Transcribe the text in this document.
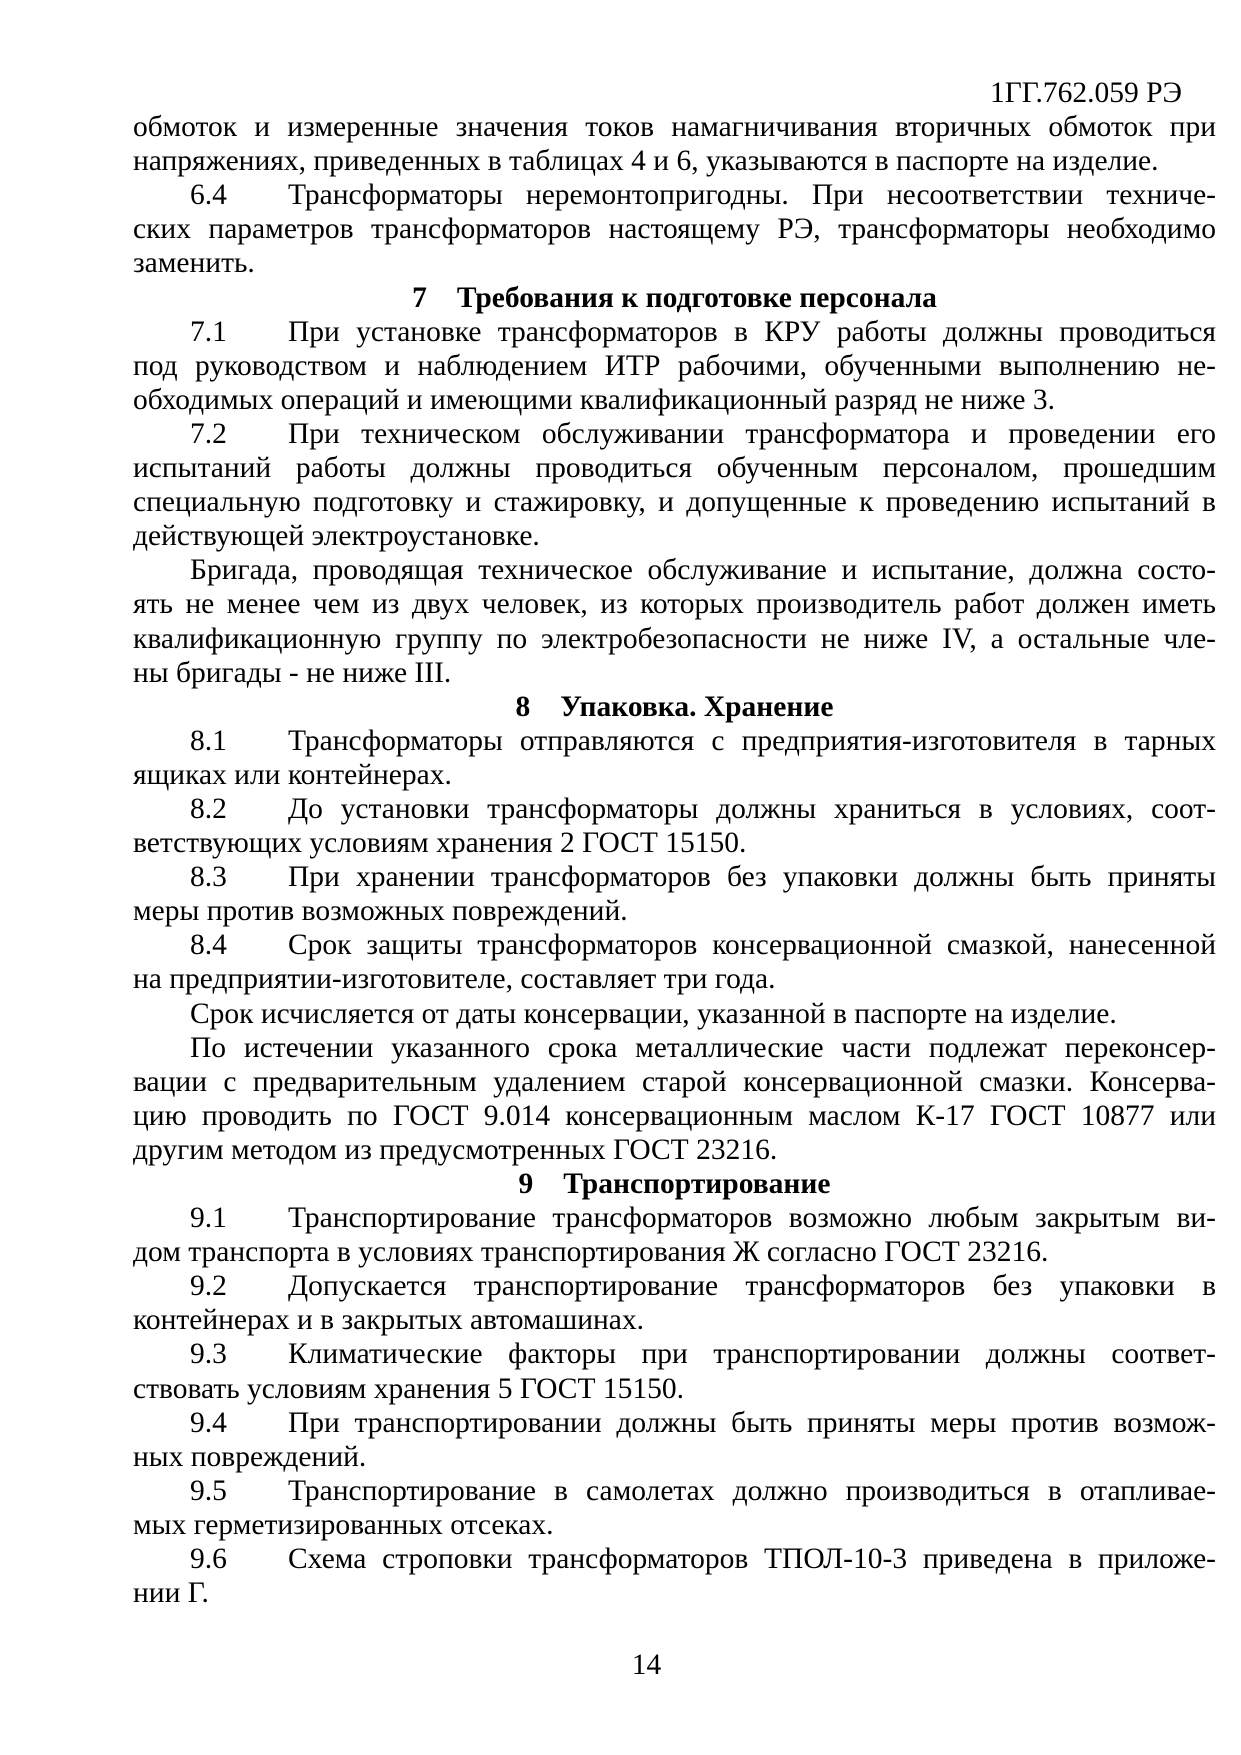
1ГГ.762.059 РЭ
обмоток и измеренные значения токов намагничивания вторичных обмоток при
напряжениях, приведенных в таблицах 4 и 6, указываются в паспорте на изделие.
6.4 Трансформаторы неремонтопригодны. При несоответствии техниче-
ских параметров трансформаторов настоящему РЭ, трансформаторы необходимо
заменить.
7 Требования к подготовке персонала
7.1 При установке трансформаторов в КРУ работы должны проводиться
под руководством и наблюдением ИТР рабочими, обученными выполнению не-
обходимых операций и имеющими квалификационный разряд не ниже 3.
7.2 При техническом обслуживании трансформатора и проведении его
испытаний работы должны проводиться обученным персоналом, прошедшим
специальную подготовку и стажировку, и допущенные к проведению испытаний в
действующей электроустановке.
Бригада, проводящая техническое обслуживание и испытание, должна состо-
ять не менее чем из двух человек, из которых производитель работ должен иметь
квалификационную группу по электробезопасности не ниже IV, а остальные чле-
ны бригады - не ниже III.
8 Упаковка. Хранение
8.1 Трансформаторы отправляются с предприятия-изготовителя в тарных
ящиках или контейнерах.
8.2 До установки трансформаторы должны храниться в условиях, соот-
ветствующих условиям хранения 2 ГОСТ 15150.
8.3 При хранении трансформаторов без упаковки должны быть приняты
меры против возможных повреждений.
8.4 Срок защиты трансформаторов консервационной смазкой, нанесенной
на предприятии-изготовителе, составляет три года.
Срок исчисляется от даты консервации, указанной в паспорте на изделие.
По истечении указанного срока металлические части подлежат переконсер-
вации с предварительным удалением старой консервационной смазки. Консерва-
цию проводить по ГОСТ 9.014 консервационным маслом К-17 ГОСТ 10877 или
другим методом из предусмотренных ГОСТ 23216.
9 Транспортирование
9.1 Транспортирование трансформаторов возможно любым закрытым ви-
дом транспорта в условиях транспортирования Ж согласно ГОСТ 23216.
9.2 Допускается транспортирование трансформаторов без упаковки в
контейнерах и в закрытых автомашинах.
9.3 Климатические факторы при транспортировании должны соответ-
ствовать условиям хранения 5 ГОСТ 15150.
9.4 При транспортировании должны быть приняты меры против возмож-
ных повреждений.
9.5 Транспортирование в самолетах должно производиться в отапливае-
мых герметизированных отсеках.
9.6 Схема строповки трансформаторов ТПОЛ-10-3 приведена в приложе-
нии Г.
14
